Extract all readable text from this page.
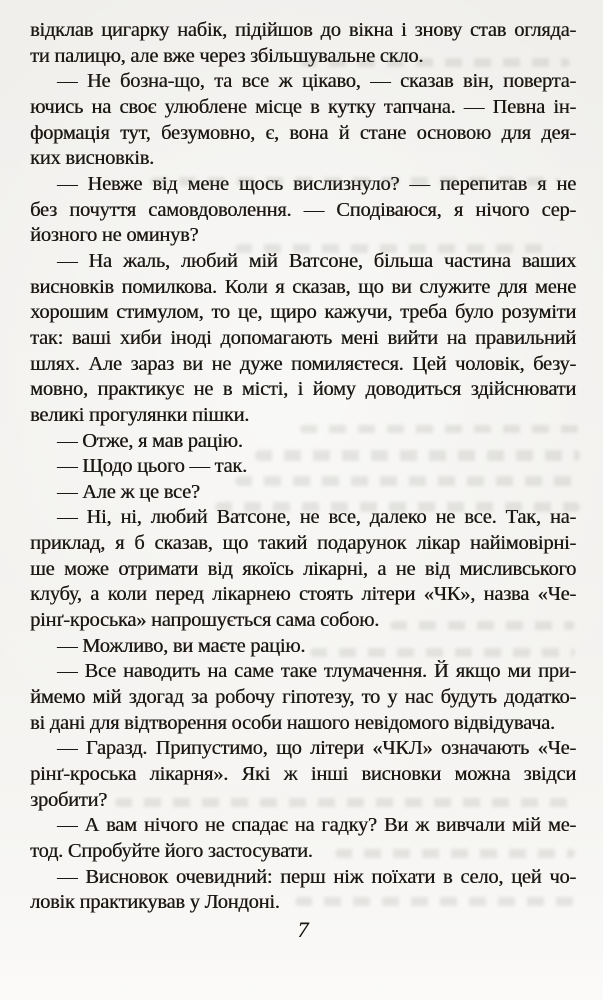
відклав цигарку набік, підійшов до вікна і знову став огляда-
ти палицю, але вже через збільшувальне скло.
— Не бозна-що, та все ж цікаво, — сказав він, поверта-
ючись на своє улюблене місце в кутку тапчана. — Певна ін-
формація тут, безумовно, є, вона й стане основою для дея-
ких висновків.
— Невже від мене щось вислизнуло? — перепитав я не
без почуття самовдоволення. — Сподіваюся, я нічого сер-
йозного не оминув?
— На жаль, любий мій Ватсоне, більша частина ваших
висновків помилкова. Коли я сказав, що ви служите для мене
хорошим стимулом, то це, щиро кажучи, треба було розуміти
так: ваші хиби іноді допомагають мені вийти на правильний
шлях. Але зараз ви не дуже помиляєтеся. Цей чоловік, безу-
мовно, практикує не в місті, і йому доводиться здійснювати
великі прогулянки пішки.
— Отже, я мав рацію.
— Щодо цього — так.
— Але ж це все?
— Ні, ні, любий Ватсоне, не все, далеко не все. Так, на-
приклад, я б сказав, що такий подарунок лікар найімовірні-
ше може отримати від якоїсь лікарні, а не від мисливського
клубу, а коли перед лікарнею стоять літери «ЧК», назва «Че-
рінґ-кроська» напрошується сама собою.
— Можливо, ви маєте рацію.
— Все наводить на саме таке тлумачення. Й якщо ми при-
ймемо мій здогад за робочу гіпотезу, то у нас будуть додатко-
ві дані для відтворення особи нашого невідомого відвідувача.
— Гаразд. Припустимо, що літери «ЧКЛ» означають «Че-
рінґ-кроська лікарня». Які ж інші висновки можна звідси
зробити?
— А вам нічого не спадає на гадку? Ви ж вивчали мій ме-
тод. Спробуйте його застосувати.
— Висновок очевидний: перш ніж поїхати в село, цей чо-
ловік практикував у Лондоні.
7
